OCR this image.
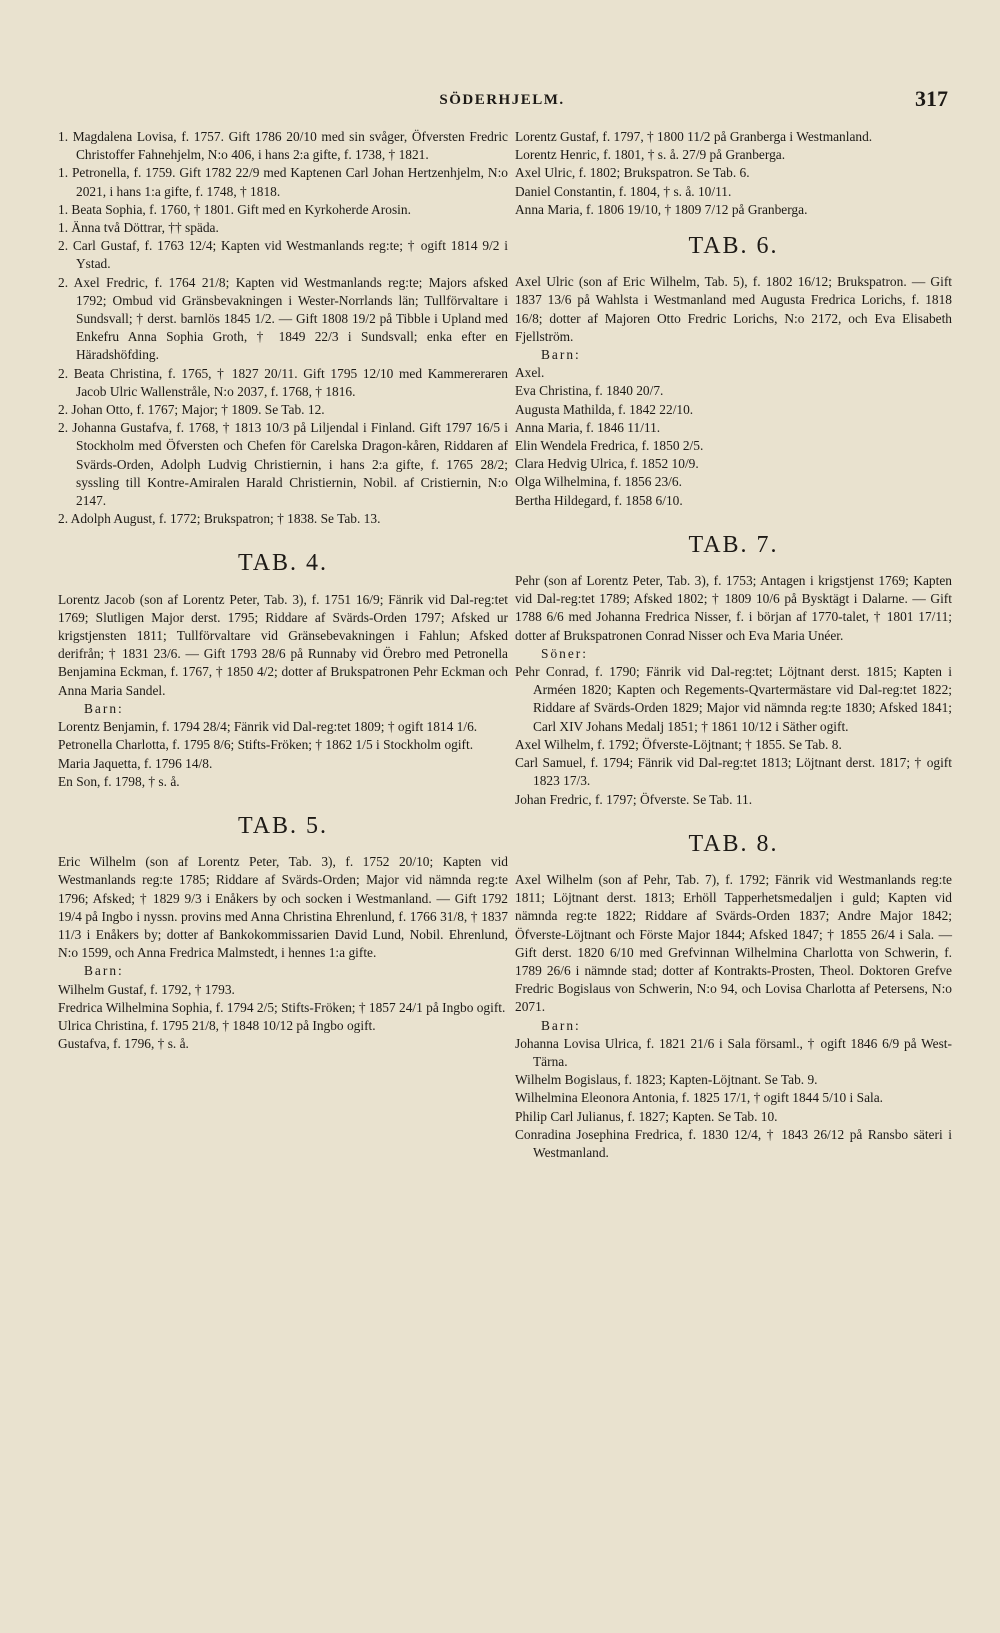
SÖDERHJELM.	317

1. Magdalena Lovisa, f. 1757. Gift 1786 20/10 med sin svåger, Öfversten Fredric Christoffer Fahnehjelm, N:o 406, i hans 2:a gifte, f. 1738, † 1821.

1. Petronella, f. 1759. Gift 1782 22/9 med Kaptenen Carl Johan Hertzenhjelm, N:o 2021, i hans 1:a gifte, f. 1748, † 1818.

1. Beata Sophia, f. 1760, † 1801. Gift med en Kyrkoherde Arosin.

1. Änna två Döttrar, †† späda.

2. Carl Gustaf, f. 1763 12/4; Kapten vid Westmanlands reg:te; † ogift 1814 9/2 i Ystad.

2. Axel Fredric, f. 1764 21/8; Kapten vid Westmanlands reg:te; Majors afsked 1792; Ombud vid Gränsbevakningen i Wester-Norrlands län; Tullförvaltare i Sundsvall; † derst. barnlös 1845 1/2. — Gift 1808 19/2 på Tibble i Upland med Enkefru Anna Sophia Groth, † 1849 22/3 i Sundsvall; enka efter en Häradshöfding.

2. Beata Christina, f. 1765, † 1827 20/11. Gift 1795 12/10 med Kammereraren Jacob Ulric Wallenstråle, N:o 2037, f. 1768, † 1816.

2. Johan Otto, f. 1767; Major; † 1809. Se Tab. 12.

2. Johanna Gustafva, f. 1768, † 1813 10/3 på Liljendal i Finland. Gift 1797 16/5 i Stockholm med Öfversten och Chefen för Carelska Dragon-kåren, Riddaren af Svärds-Orden, Adolph Ludvig Christiernin, i hans 2:a gifte, f. 1765 28/2; syssling till Kontre-Amiralen Harald Christiernin, Nobil. af Cristiernin, N:o 2147.

2. Adolph August, f. 1772; Brukspatron; † 1838. Se Tab. 13.

TAB. 4.

Lorentz Jacob (son af Lorentz Peter, Tab. 3), f. 1751 16/9; Fänrik vid Dal-reg:tet 1769; Slutligen Major derst. 1795; Riddare af Svärds-Orden 1797; Afsked ur krigstjensten 1811; Tullförvaltare vid Gränsebevakningen i Fahlun; Afsked derifrån; † 1831 23/6. — Gift 1793 28/6 på Runnaby vid Örebro med Petronella Benjamina Eckman, f. 1767, † 1850 4/2; dotter af Brukspatronen Pehr Eckman och Anna Maria Sandel.

Barn:

Lorentz Benjamin, f. 1794 28/4; Fänrik vid Dal-reg:tet 1809; † ogift 1814 1/6.

Petronella Charlotta, f. 1795 8/6; Stifts-Fröken; † 1862 1/5 i Stockholm ogift.

Maria Jaquetta, f. 1796 14/8.

En Son, f. 1798, † s. å.

TAB. 5.

Eric Wilhelm (son af Lorentz Peter, Tab. 3), f. 1752 20/10; Kapten vid Westmanlands reg:te 1785; Riddare af Svärds-Orden; Major vid nämnda reg:te 1796; Afsked; † 1829 9/3 i Enåkers by och socken i Westmanland. — Gift 1792 19/4 på Ingbo i nyssn. provins med Anna Christina Ehrenlund, f. 1766 31/8, † 1837 11/3 i Enåkers by; dotter af Bankokommissarien David Lund, Nobil. Ehrenlund, N:o 1599, och Anna Fredrica Malmstedt, i hennes 1:a gifte.

Barn:

Wilhelm Gustaf, f. 1792, † 1793.

Fredrica Wilhelmina Sophia, f. 1794 2/5; Stifts-Fröken; † 1857 24/1 på Ingbo ogift.

Ulrica Christina, f. 1795 21/8, † 1848 10/12 på Ingbo ogift.

Gustafva, f. 1796, † s. å.

Lorentz Gustaf, f. 1797, † 1800 11/2 på Granberga i Westmanland.

Lorentz Henric, f. 1801, † s. å. 27/9 på Granberga.

Axel Ulric, f. 1802; Brukspatron. Se Tab. 6.

Daniel Constantin, f. 1804, † s. å. 10/11.

Anna Maria, f. 1806 19/10, † 1809 7/12 på Granberga.

TAB. 6.

Axel Ulric (son af Eric Wilhelm, Tab. 5), f. 1802 16/12; Brukspatron. — Gift 1837 13/6 på Wahlsta i Westmanland med Augusta Fredrica Lorichs, f. 1818 16/8; dotter af Majoren Otto Fredric Lorichs, N:o 2172, och Eva Elisabeth Fjellström.

Barn:

Axel.

Eva Christina, f. 1840 20/7.

Augusta Mathilda, f. 1842 22/10.

Anna Maria, f. 1846 11/11.

Elin Wendela Fredrica, f. 1850 2/5.

Clara Hedvig Ulrica, f. 1852 10/9.

Olga Wilhelmina, f. 1856 23/6.

Bertha Hildegard, f. 1858 6/10.

TAB. 7.

Pehr (son af Lorentz Peter, Tab. 3), f. 1753; Antagen i krigstjenst 1769; Kapten vid Dal-reg:tet 1789; Afsked 1802; † 1809 10/6 på Bysktägt i Dalarne. — Gift 1788 6/6 med Johanna Fredrica Nisser, f. i början af 1770-talet, † 1801 17/11; dotter af Brukspatronen Conrad Nisser och Eva Maria Unéer.

Söner:

Pehr Conrad, f. 1790; Fänrik vid Dal-reg:tet; Löjtnant derst. 1815; Kapten i Arméen 1820; Kapten och Regements-Qvartermästare vid Dal-reg:tet 1822; Riddare af Svärds-Orden 1829; Major vid nämnda reg:te 1830; Afsked 1841; Carl XIV Johans Medalj 1851; † 1861 10/12 i Säther ogift.

Axel Wilhelm, f. 1792; Öfverste-Löjtnant; † 1855. Se Tab. 8.

Carl Samuel, f. 1794; Fänrik vid Dal-reg:tet 1813; Löjtnant derst. 1817; † ogift 1823 17/3.

Johan Fredric, f. 1797; Öfverste. Se Tab. 11.

TAB. 8.

Axel Wilhelm (son af Pehr, Tab. 7), f. 1792; Fänrik vid Westmanlands reg:te 1811; Löjtnant derst. 1813; Erhöll Tapperhetsmedaljen i guld; Kapten vid nämnda reg:te 1822; Riddare af Svärds-Orden 1837; Andre Major 1842; Öfverste-Löjtnant och Förste Major 1844; Afsked 1847; † 1855 26/4 i Sala. — Gift derst. 1820 6/10 med Grefvinnan Wilhelmina Charlotta von Schwerin, f. 1789 26/6 i nämnde stad; dotter af Kontrakts-Prosten, Theol. Doktoren Grefve Fredric Bogislaus von Schwerin, N:o 94, och Lovisa Charlotta af Petersens, N:o 2071.

Barn:

Johanna Lovisa Ulrica, f. 1821 21/6 i Sala församl., † ogift 1846 6/9 på West-Tärna.

Wilhelm Bogislaus, f. 1823; Kapten-Löjtnant. Se Tab. 9.

Wilhelmina Eleonora Antonia, f. 1825 17/1, † ogift 1844 5/10 i Sala.

Philip Carl Julianus, f. 1827; Kapten. Se Tab. 10.

Conradina Josephina Fredrica, f. 1830 12/4, † 1843 26/12 på Ransbo säteri i Westmanland.
